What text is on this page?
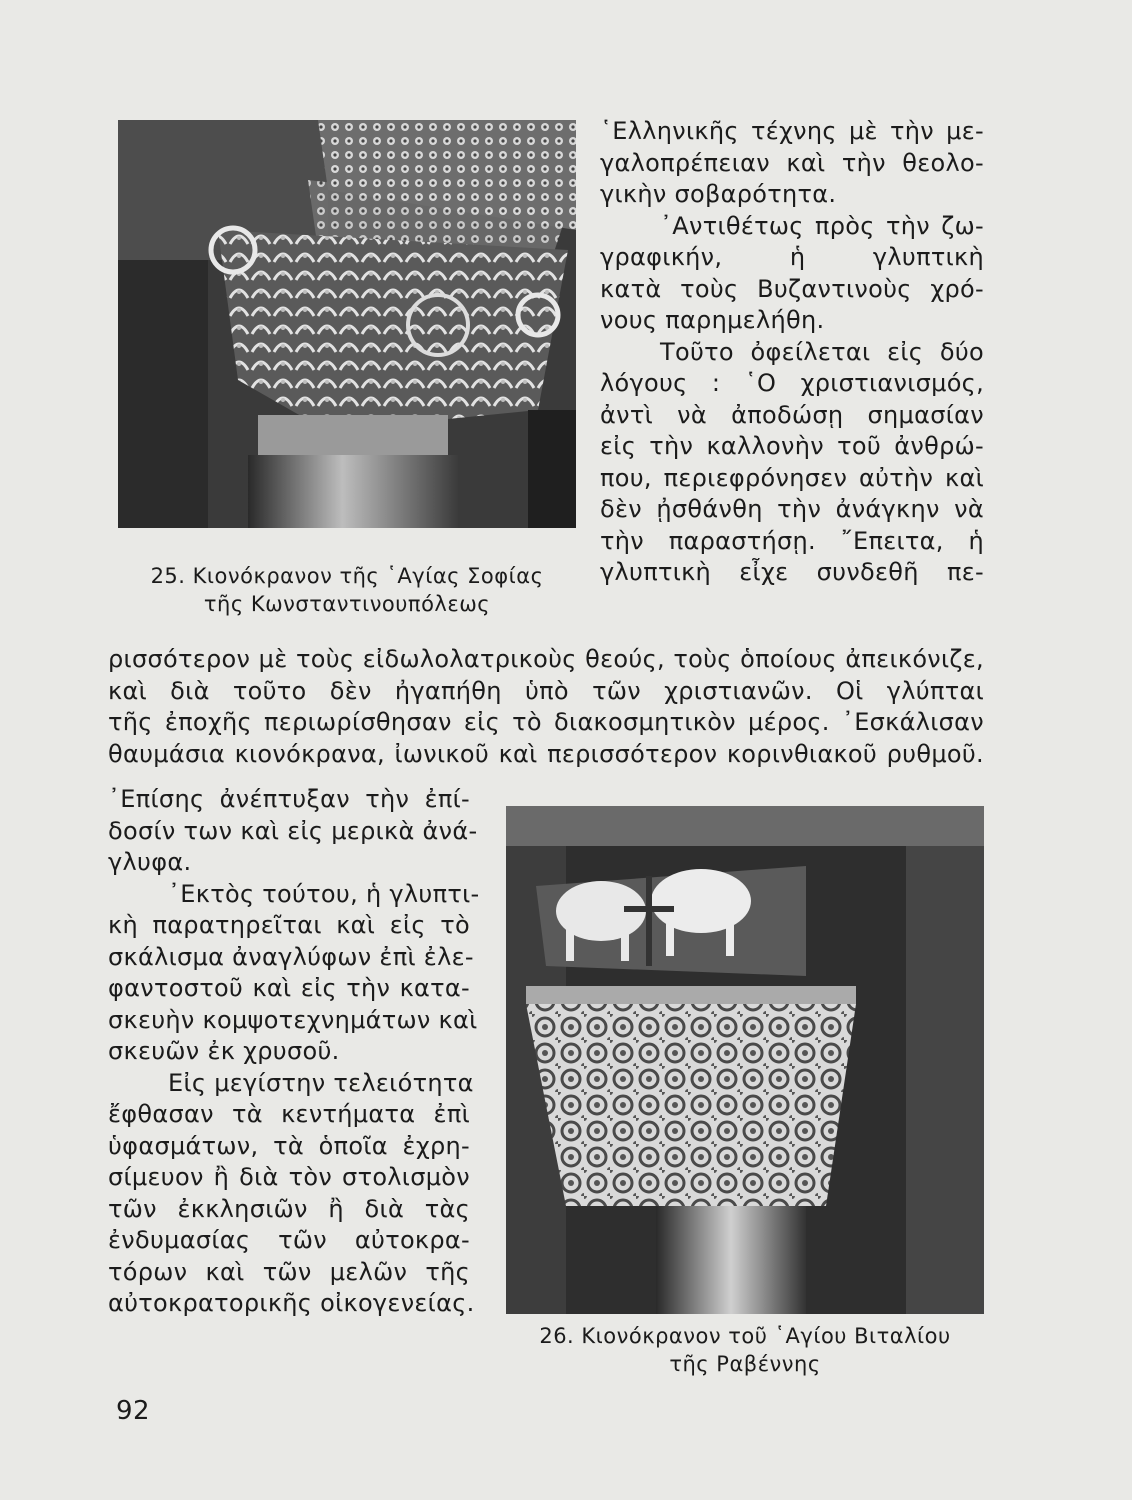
25. Κιονόκρανον τῆς ῾Αγίας Σοφίας
τῆς Κωνσταντινουπόλεως
῾Ελληνικῆς τέχνης μὲ τὴν με-
γαλοπρέπειαν καὶ τὴν θεολο-
γικὴν σοβαρότητα.
᾿Αντιθέτως πρὸς τὴν ζω-
γραφικήν, ἡ γλυπτικὴ
κατὰ τοὺς Βυζαντινοὺς χρό-
νους παρημελήθη.
Τοῦτο ὀφείλεται εἰς δύο
λόγους : ῾Ο χριστιανισμός,
ἀντὶ νὰ ἀποδώσῃ σημασίαν
εἰς τὴν καλλονὴν τοῦ ἀνθρώ-
που, περιεφρόνησεν αὐτὴν καὶ
δὲν ᾐσθάνθη τὴν ἀνάγκην νὰ
τὴν παραστήσῃ. ῎Επειτα, ἡ
γλυπτικὴ εἶχε συνδεθῆ πε-
ρισσότερον μὲ τοὺς εἰδωλολατρικοὺς θεούς, τοὺς ὁποίους ἀπεικόνιζε,
καὶ διὰ τοῦτο δὲν ἠγαπήθη ὑπὸ τῶν χριστιανῶν. Οἱ γλύπται
τῆς ἐποχῆς περιωρίσθησαν εἰς τὸ διακοσμητικὸν μέρος. ᾿Εσκάλισαν
θαυμάσια κιονόκρανα, ἰωνικοῦ καὶ περισσότερον κορινθιακοῦ ρυθμοῦ.
᾿Επίσης ἀνέπτυξαν τὴν ἐπί-
δοσίν των καὶ εἰς μερικὰ ἀνά-
γλυφα.
᾿Εκτὸς τούτου, ἡ γλυπτι-
κὴ παρατηρεῖται καὶ εἰς τὸ
σκάλισμα ἀναγλύφων ἐπὶ ἐλε-
φαντοστοῦ καὶ εἰς τὴν κατα-
σκευὴν κομψοτεχνημάτων καὶ
σκευῶν ἐκ χρυσοῦ.
Εἰς μεγίστην τελειότητα
ἔφθασαν τὰ κεντήματα ἐπὶ
ὑφασμάτων, τὰ ὁποῖα ἐχρη-
σίμευον ἢ διὰ τὸν στολισμὸν
τῶν ἐκκλησιῶν ἢ διὰ τὰς
ἐνδυμασίας τῶν αὐτοκρα-
τόρων καὶ τῶν μελῶν τῆς
αὐτοκρατορικῆς οἰκογενείας.
26. Κιονόκρανον τοῦ ῾Αγίου Βιταλίου
τῆς Ραβέννης
92
